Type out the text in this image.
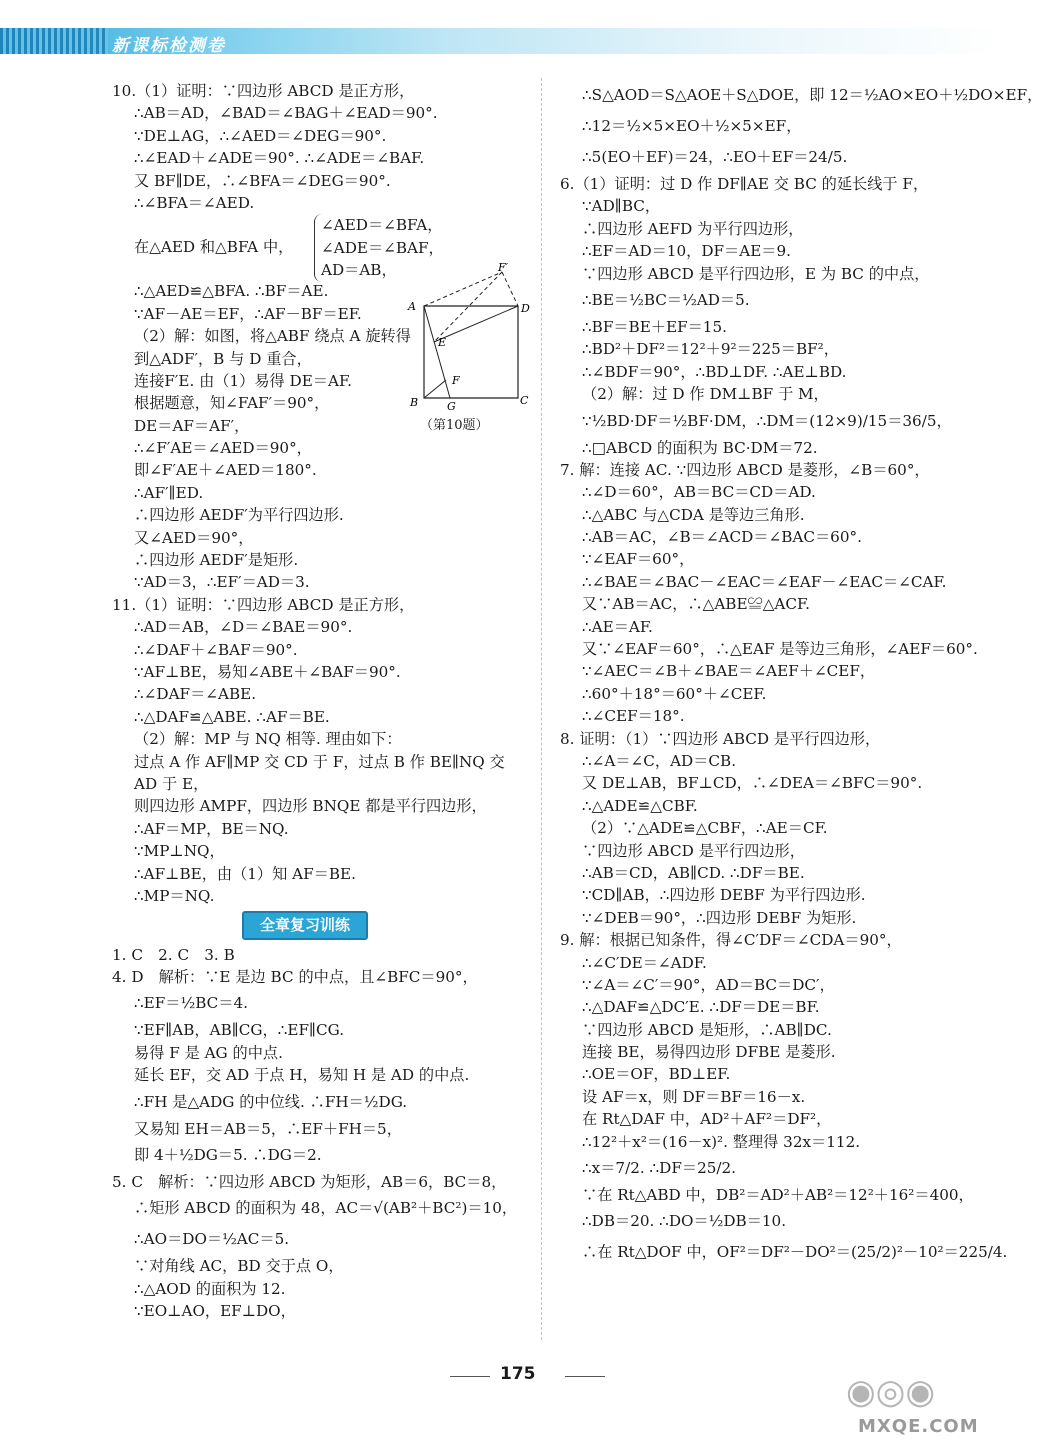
新课标检测卷
10.（1）证明：∵四边形 ABCD 是正方形，
∴AB＝AD，∠BAD＝∠BAG＋∠EAD＝90°.
∵DE⊥AG，∴∠AED＝∠DEG＝90°.
∴∠EAD＋∠ADE＝90°. ∴∠ADE＝∠BAF.
又 BF∥DE，∴∠BFA＝∠DEG＝90°.
∴∠BFA＝∠AED.
在△AED 和△BFA 中，
∠AED＝∠BFA，
∠ADE＝∠BAF，
AD＝AB，
∴△AED≌△BFA. ∴BF＝AE.
∵AF－AE＝EF，∴AF－BF＝EF.
（2）解：如图，将△ABF 绕点 A 旋转得
到△ADF′，B 与 D 重合，
连接F′E. 由（1）易得 DE＝AF.
根据题意，知∠FAF′＝90°，
DE＝AF＝AF′，
∴∠F′AE＝∠AED＝90°，
即∠F′AE＋∠AED＝180°.
∴AF′∥ED.
∴四边形 AEDF′为平行四边形.
又∠AED＝90°，
∴四边形 AEDF′是矩形.
∵AD＝3，∴EF′＝AD＝3.
11.（1）证明：∵四边形 ABCD 是正方形，
∴AD＝AB，∠D＝∠BAE＝90°.
∴∠DAF＋∠BAF＝90°.
∵AF⊥BE，易知∠ABE＋∠BAF＝90°.
∴∠DAF＝∠ABE.
∴△DAF≌△ABE. ∴AF＝BE.
（2）解：MP 与 NQ 相等. 理由如下：
过点 A 作 AF∥MP 交 CD 于 F，过点 B 作 BE∥NQ 交
AD 于 E，
则四边形 AMPF，四边形 BNQE 都是平行四边形，
∴AF＝MP，BE＝NQ.
∵MP⊥NQ，
∴AF⊥BE，由（1）知 AF＝BE.
∴MP＝NQ.
全章复习训练
1. C　2. C　3. B
4. D　解析：∵E 是边 BC 的中点，且∠BFC＝90°，
∴EF＝½BC＝4.
∵EF∥AB，AB∥CG，∴EF∥CG.
易得 F 是 AG 的中点.
延长 EF，交 AD 于点 H，易知 H 是 AD 的中点.
∴FH 是△ADG 的中位线. ∴FH＝½DG.
又易知 EH＝AB＝5，∴EF＋FH＝5，
即 4＋½DG＝5. ∴DG＝2.
5. C　解析：∵四边形 ABCD 为矩形，AB＝6，BC＝8，
∴矩形 ABCD 的面积为 48，AC＝√(AB²＋BC²)＝10，
∴AO＝DO＝½AC＝5.
∵对角线 AC，BD 交于点 O，
∴△AOD 的面积为 12.
∵EO⊥AO，EF⊥DO，
F′
A	D
E
F
B	G	C
（第10题）
∴S△AOD＝S△AOE＋S△DOE，即 12＝½AO×EO＋½DO×EF，
∴12＝½×5×EO＋½×5×EF，
∴5(EO＋EF)＝24，∴EO＋EF＝24/5.
6.（1）证明：过 D 作 DF∥AE 交 BC 的延长线于 F，
∵AD∥BC，
∴四边形 AEFD 为平行四边形，
∴EF＝AD＝10，DF＝AE＝9.
∵四边形 ABCD 是平行四边形，E 为 BC 的中点，
∴BE＝½BC＝½AD＝5.
∴BF＝BE＋EF＝15.
∴BD²＋DF²＝12²＋9²＝225＝BF²，
∴∠BDF＝90°，∴BD⊥DF. ∴AE⊥BD.
（2）解：过 D 作 DM⊥BF 于 M，
∵½BD·DF＝½BF·DM，∴DM＝(12×9)/15＝36/5，
∴□ABCD 的面积为 BC·DM＝72.
7. 解：连接 AC. ∵四边形 ABCD 是菱形，∠B＝60°，
∴∠D＝60°，AB＝BC＝CD＝AD.
∴△ABC 与△CDA 是等边三角形.
∴AB＝AC，∠B＝∠ACD＝∠BAC＝60°.
∵∠EAF＝60°，
∴∠BAE＝∠BAC－∠EAC＝∠EAF－∠EAC＝∠CAF.
又∵AB＝AC，∴△ABE≌△ACF.
∴AE＝AF.
又∵∠EAF＝60°，∴△EAF 是等边三角形，∠AEF＝60°.
∵∠AEC＝∠B＋∠BAE＝∠AEF＋∠CEF，
∴60°＋18°＝60°＋∠CEF.
∴∠CEF＝18°.
8. 证明：（1）∵四边形 ABCD 是平行四边形，
∴∠A＝∠C，AD＝CB.
又 DE⊥AB，BF⊥CD，∴∠DEA＝∠BFC＝90°.
∴△ADE≌△CBF.
（2）∵△ADE≌△CBF，∴AE＝CF.
∵四边形 ABCD 是平行四边形，
∴AB＝CD，AB∥CD. ∴DF＝BE.
∵CD∥AB，∴四边形 DEBF 为平行四边形.
∵∠DEB＝90°，∴四边形 DEBF 为矩形.
9. 解：根据已知条件，得∠C′DF＝∠CDA＝90°，
∴∠C′DE＝∠ADF.
∵∠A＝∠C′＝90°，AD＝BC＝DC′，
∴△DAF≌△DC′E. ∴DF＝DE＝BF.
∵四边形 ABCD 是矩形，∴AB∥DC.
连接 BE，易得四边形 DFBE 是菱形.
∴OE＝OF，BD⊥EF.
设 AF＝x，则 DF＝BF＝16－x.
在 Rt△DAF 中，AD²＋AF²＝DF²，
∴12²＋x²＝(16－x)². 整理得 32x＝112.
∴x＝7/2. ∴DF＝25/2.
∵在 Rt△ABD 中，DB²＝AD²＋AB²＝12²＋16²＝400，
∴DB＝20. ∴DO＝½DB＝10.
∴在 Rt△DOF 中，OF²＝DF²－DO²＝(25/2)²－10²＝225/4.
175	◉◎◉
MXQE.COM
